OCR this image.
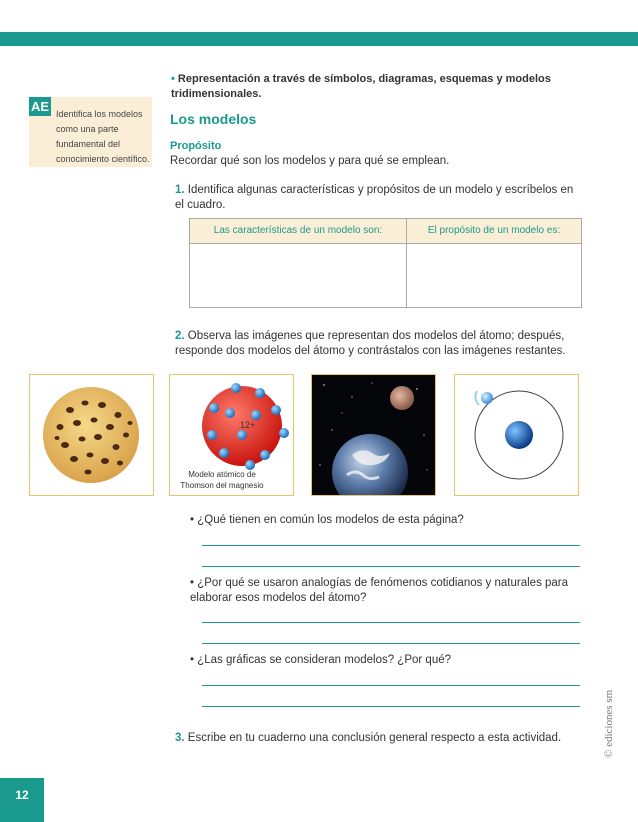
AE Identifica los modelos como una parte fundamental del conocimiento científico.
• Representación a través de símbolos, diagramas, esquemas y modelos tridimensionales.
Los modelos
Propósito
Recordar qué son los modelos y para qué se emplean.
1. Identifica algunas características y propósitos de un modelo y escríbelos en el cuadro.
Las características de un modelo son:	El propósito de un modelo es:
2. Observa las imágenes que representan dos modelos del átomo; después, responde dos modelos del átomo y contrástalos con las imágenes restantes.
12+
Modelo atómico de Thomson del magnesio
• ¿Qué tienen en común los modelos de esta página?
• ¿Por qué se usaron analogías de fenómenos cotidianos y naturales para elaborar esos modelos del átomo?
• ¿Las gráficas se consideran modelos? ¿Por qué?
3. Escribe en tu cuaderno una conclusión general respecto a esta actividad.	© ediciones sm
12
